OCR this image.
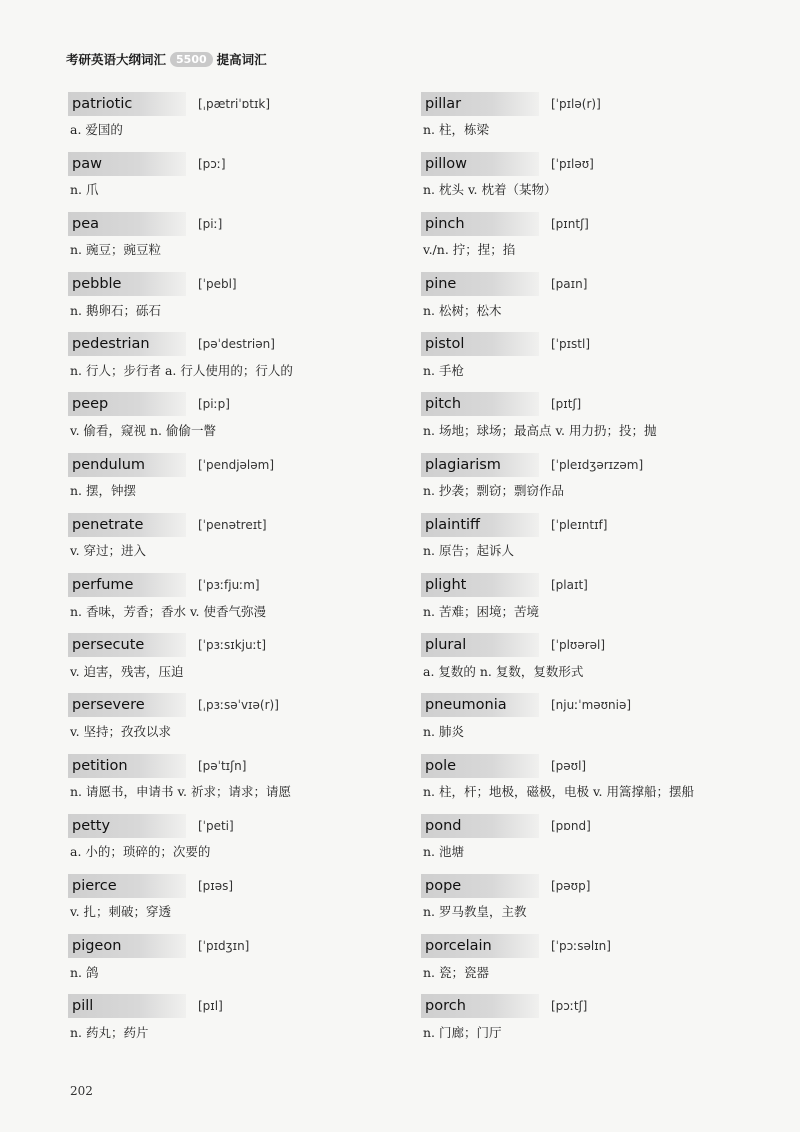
考研英语大纲词汇 5500 提高词汇
patriotic	[ˌpætriˈɒtɪk]
a. 爱国的
paw	[pɔː]
n. 爪
pea	[piː]
n. 豌豆；豌豆粒
pebble	[ˈpebl]
n. 鹅卵石；砾石
pedestrian	[pəˈdestriən]
n. 行人；步行者 a. 行人使用的；行人的
peep	[piːp]
v. 偷看，窥视 n. 偷偷一瞥
pendulum	[ˈpendjələm]
n. 摆，钟摆
penetrate	[ˈpenətreɪt]
v. 穿过；进入
perfume	[ˈpɜːfjuːm]
n. 香味，芳香；香水 v. 使香气弥漫
persecute	[ˈpɜːsɪkjuːt]
v. 迫害，残害，压迫
persevere	[ˌpɜːsəˈvɪə(r)]
v. 坚持；孜孜以求
petition	[pəˈtɪʃn]
n. 请愿书，申请书 v. 祈求；请求；请愿
petty	[ˈpeti]
a. 小的；琐碎的；次要的
pierce	[pɪəs]
v. 扎；刺破；穿透
pigeon	[ˈpɪdʒɪn]
n. 鸽
pill	[pɪl]
n. 药丸；药片
pillar	[ˈpɪlə(r)]
n. 柱，栋梁
pillow	[ˈpɪləʊ]
n. 枕头 v. 枕着（某物）
pinch	[pɪntʃ]
v./n. 拧；捏；掐
pine	[paɪn]
n. 松树；松木
pistol	[ˈpɪstl]
n. 手枪
pitch	[pɪtʃ]
n. 场地；球场；最高点 v. 用力扔；投；抛
plagiarism	[ˈpleɪdʒərɪzəm]
n. 抄袭；剽窃；剽窃作品
plaintiff	[ˈpleɪntɪf]
n. 原告；起诉人
plight	[plaɪt]
n. 苦难；困境；苦境
plural	[ˈplʊərəl]
a. 复数的 n. 复数，复数形式
pneumonia	[njuːˈməʊniə]
n. 肺炎
pole	[pəʊl]
n. 柱，杆；地极，磁极，电极 v. 用篙撑船；摆船
pond	[pɒnd]
n. 池塘
pope	[pəʊp]
n. 罗马教皇，主教
porcelain	[ˈpɔːsəlɪn]
n. 瓷；瓷器
porch	[pɔːtʃ]
n. 门廊；门厅
202
